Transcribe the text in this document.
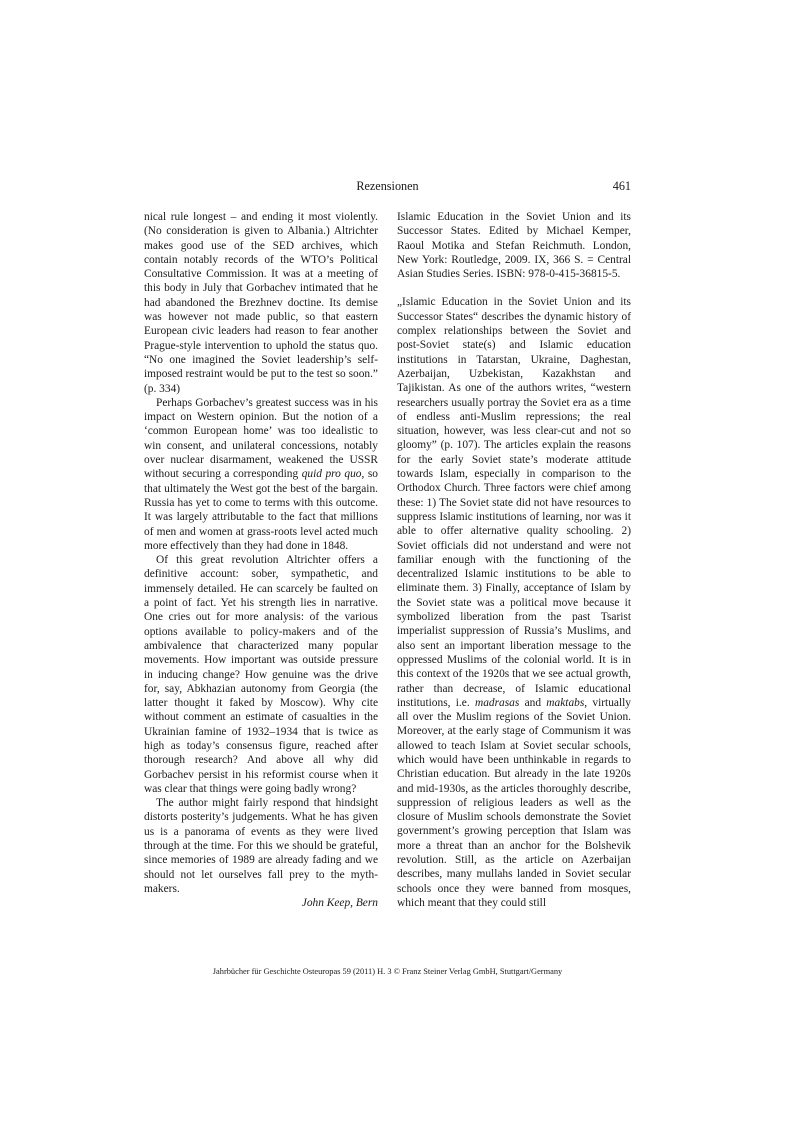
Rezensionen	461

nical rule longest – and ending it most violently. (No consideration is given to Albania.) Altrichter makes good use of the SED archives, which contain notably records of the WTO’s Political Consultative Commission. It was at a meeting of this body in July that Gorbachev intimated that he had abandoned the Brezhnev doctine. Its demise was however not made public, so that eastern European civic leaders had reason to fear another Prague-style intervention to uphold the status quo. “No one imagined the Soviet leadership’s self-imposed restraint would be put to the test so soon.” (p. 334)

Perhaps Gorbachev’s greatest success was in his impact on Western opinion. But the notion of a ‘common European home’ was too idealistic to win consent, and unilateral concessions, notably over nuclear disarmament, weakened the USSR without securing a corresponding quid pro quo, so that ultimately the West got the best of the bargain. Russia has yet to come to terms with this outcome. It was largely attributable to the fact that millions of men and women at grass-roots level acted much more effectively than they had done in 1848.

Of this great revolution Altrichter offers a definitive account: sober, sympathetic, and immensely detailed. He can scarcely be faulted on a point of fact. Yet his strength lies in narrative. One cries out for more analysis: of the various options available to policy-makers and of the ambivalence that characterized many popular movements. How important was outside pressure in inducing change? How genuine was the drive for, say, Abkhazian autonomy from Georgia (the latter thought it faked by Moscow). Why cite without comment an estimate of casualties in the Ukrainian famine of 1932–1934 that is twice as high as today’s consensus figure, reached after thorough research? And above all why did Gorbachev persist in his reformist course when it was clear that things were going badly wrong?

The author might fairly respond that hindsight distorts posterity’s judgements. What he has given us is a panorama of events as they were lived through at the time. For this we should be grateful, since memories of 1989 are already fading and we should not let ourselves fall prey to the myth-makers.

John Keep, Bern

Islamic Education in the Soviet Union and its Successor States. Edited by Michael Kemper, Raoul Motika and Stefan Reichmuth. London, New York: Routledge, 2009. IX, 366 S. = Central Asian Studies Series. ISBN: 978-0-415-36815-5.

„Islamic Education in the Soviet Union and its Successor States“ describes the dynamic history of complex relationships between the Soviet and post-Soviet state(s) and Islamic education institutions in Tatarstan, Ukraine, Daghestan, Azerbaijan, Uzbekistan, Kazakhstan and Tajikistan. As one of the authors writes, “western researchers usually portray the Soviet era as a time of endless anti-Muslim repressions; the real situation, however, was less clear-cut and not so gloomy” (p. 107). The articles explain the reasons for the early Soviet state’s moderate attitude towards Islam, especially in comparison to the Orthodox Church. Three factors were chief among these: 1) The Soviet state did not have resources to suppress Islamic institutions of learning, nor was it able to offer alternative quality schooling. 2) Soviet officials did not understand and were not familiar enough with the functioning of the decentralized Islamic institutions to be able to eliminate them. 3) Finally, acceptance of Islam by the Soviet state was a political move because it symbolized liberation from the past Tsarist imperialist suppression of Russia’s Muslims, and also sent an important liberation message to the oppressed Muslims of the colonial world. It is in this context of the 1920s that we see actual growth, rather than decrease, of Islamic educational institutions, i.e. madrasas and maktabs, virtually all over the Muslim regions of the Soviet Union. Moreover, at the early stage of Communism it was allowed to teach Islam at Soviet secular schools, which would have been unthinkable in regards to Christian education. But already in the late 1920s and mid-1930s, as the articles thoroughly describe, suppression of religious leaders as well as the closure of Muslim schools demonstrate the Soviet government’s growing perception that Islam was more a threat than an anchor for the Bolshevik revolution. Still, as the article on Azerbaijan describes, many mullahs landed in Soviet secular schools once they were banned from mosques, which meant that they could still

Jahrbücher für Geschichte Osteuropas 59 (2011) H. 3 © Franz Steiner Verlag GmbH, Stuttgart/Germany
